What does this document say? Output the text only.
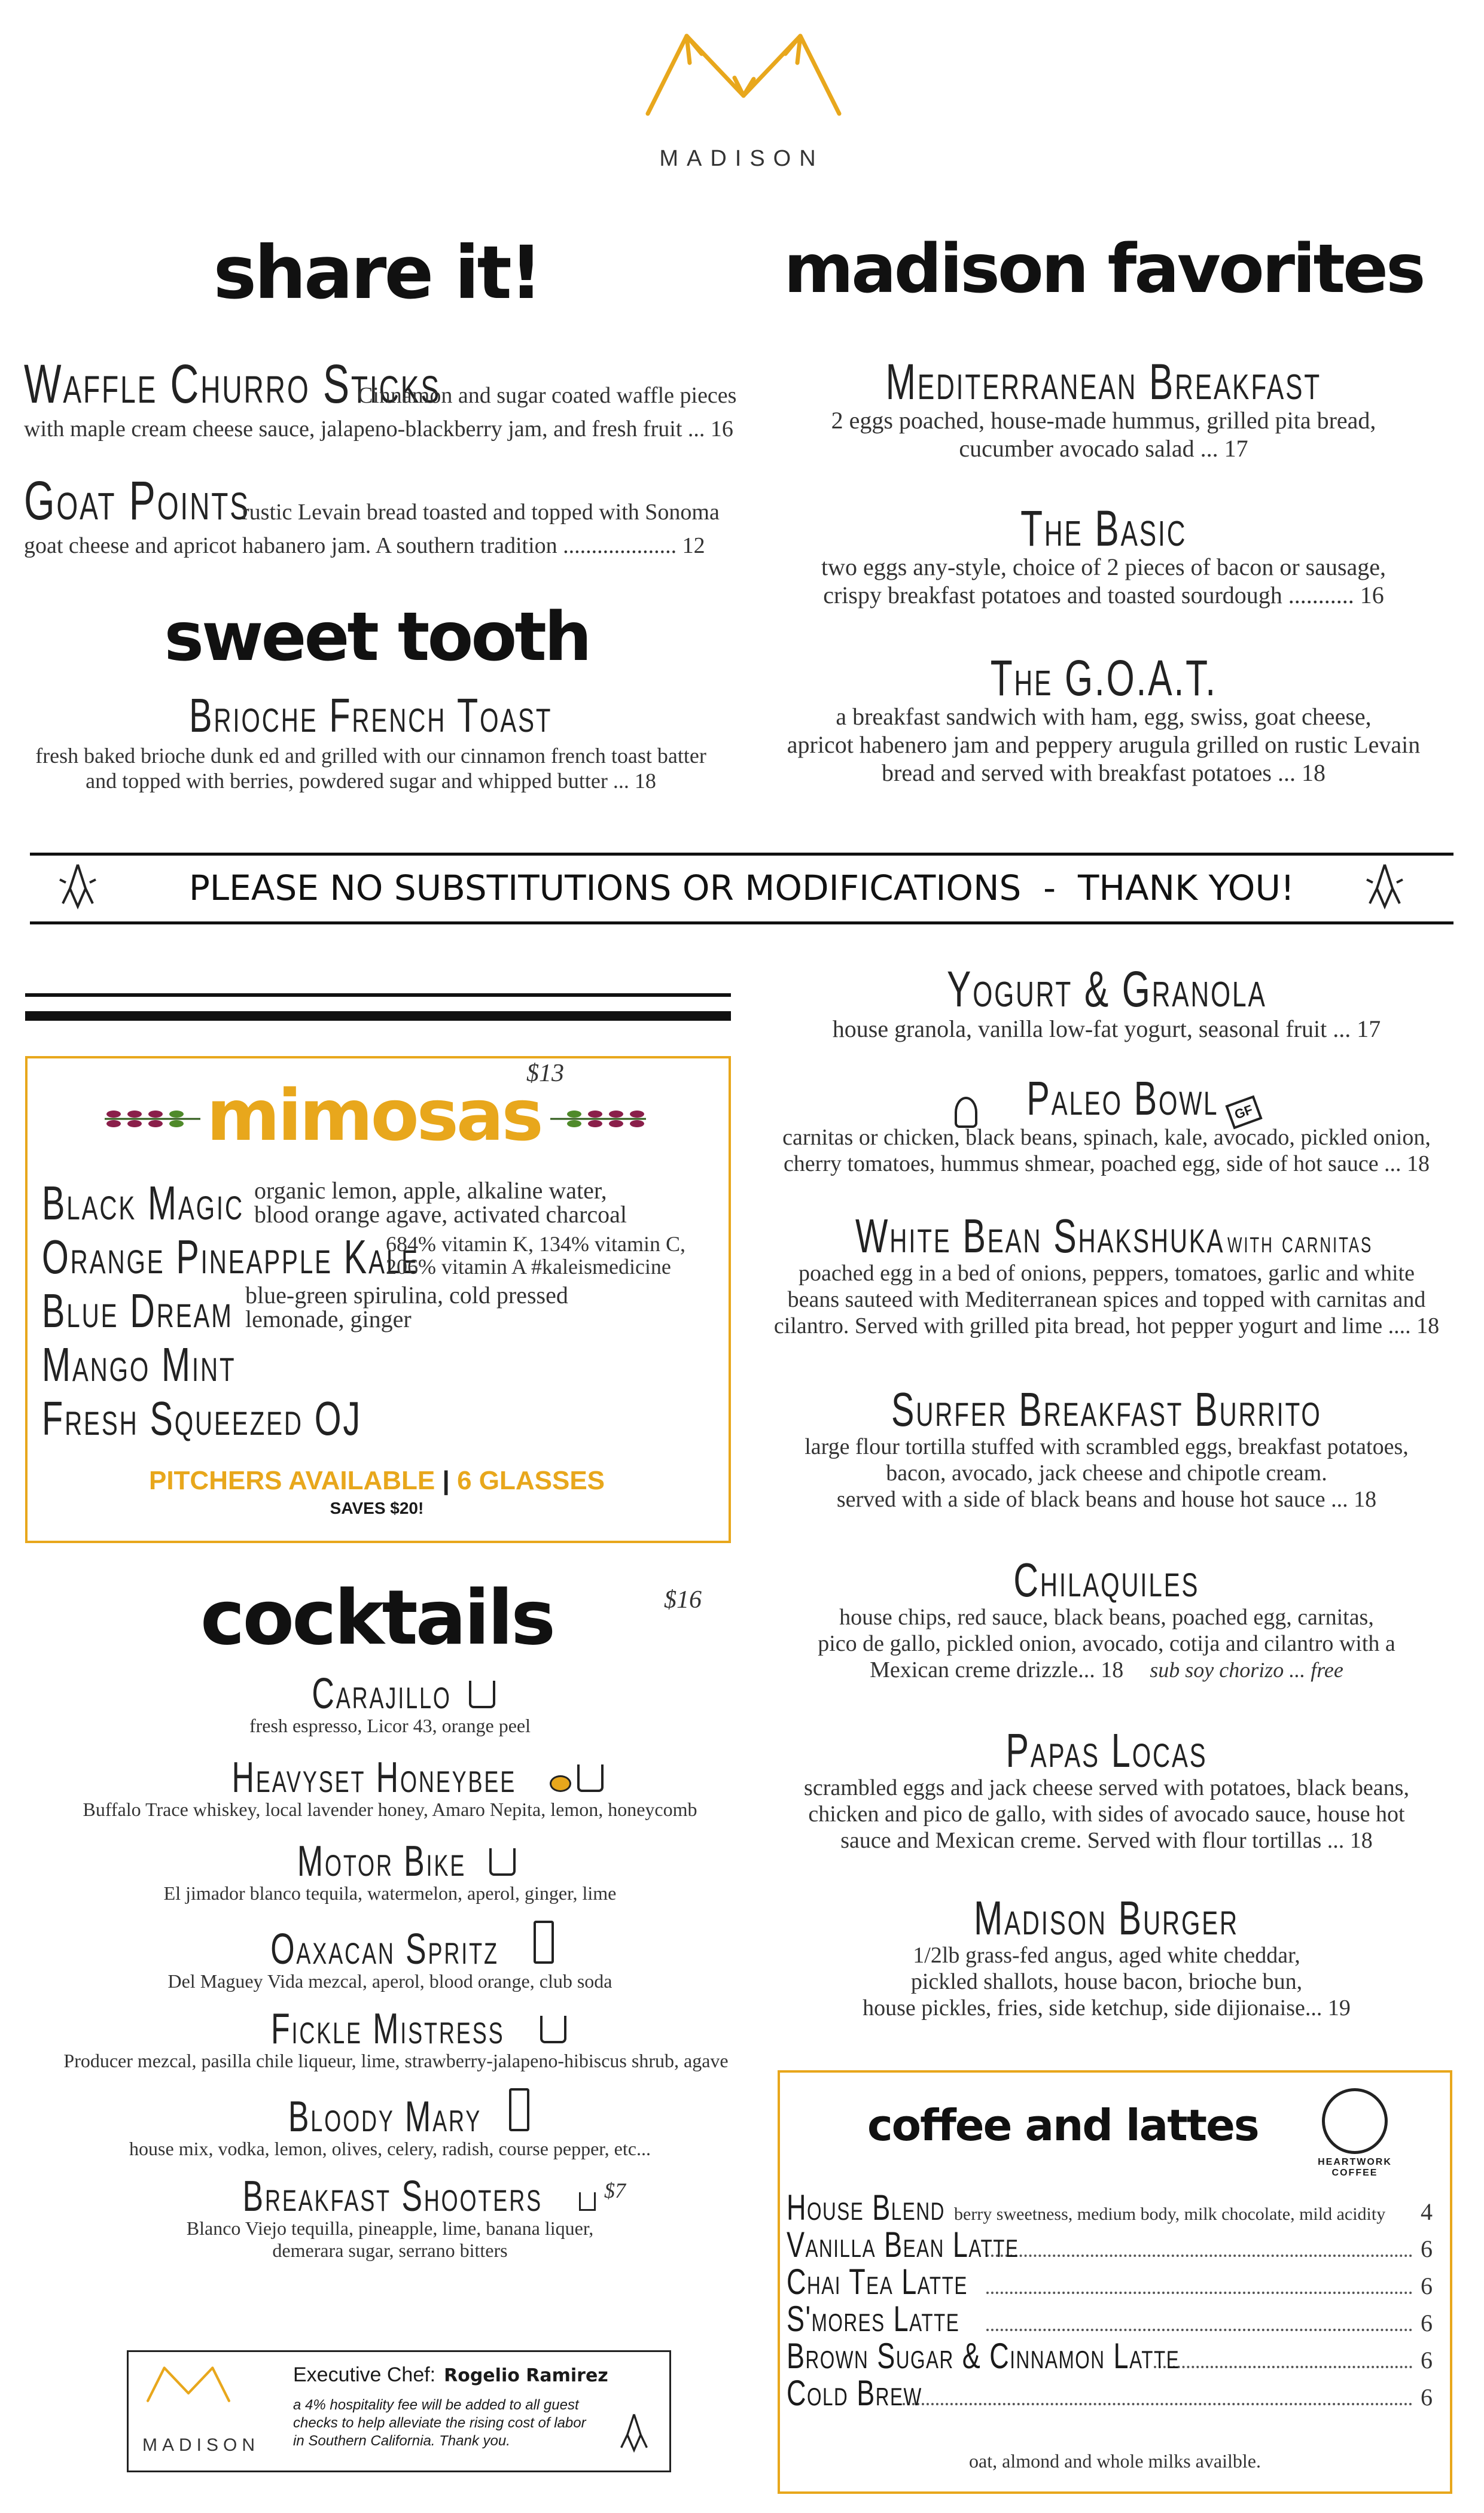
MADISON
share it!
Waffle Churro Sticks Cinnamon and sugar coated waffle pieces
with maple cream cheese sauce, jalapeno-blackberry jam, and fresh fruit ... 16
Goat Points rustic Levain bread toasted and topped with Sonoma
goat cheese and apricot habanero jam. A southern tradition .................... 12
sweet tooth
Brioche French Toast
fresh baked brioche dunk ed and grilled with our cinnamon french toast batter
and topped with berries, powdered sugar and whipped butter ... 18
madison favorites
Mediterranean Breakfast
2 eggs poached, house-made hummus, grilled pita bread,
cucumber avocado salad ... 17
The Basic
two eggs any-style, choice of 2 pieces of bacon or sausage,
crispy breakfast potatoes and toasted sourdough ........... 16
The G.O.A.T.
a breakfast sandwich with ham, egg, swiss, goat cheese,
apricot habenero jam and peppery arugula grilled on rustic Levain
bread and served with breakfast potatoes ... 18
PLEASE NO SUBSTITUTIONS OR MODIFICATIONS  -  THANK YOU!
$13
mimosas
Black Magic organic lemon, apple, alkaline water,
blood orange agave, activated charcoal
Orange Pineapple Kale
684% vitamin K, 134% vitamin C,
206% vitamin A #kaleismedicine
Blue Dream blue-green spirulina, cold pressed
lemonade, ginger
Mango Mint
Fresh Squeezed OJ
PITCHERS AVAILABLE | 6 GLASSES
SAVES $20!
cocktails	$16
Carajillo
fresh espresso, Licor 43, orange peel
Heavyset Honeybee
Buffalo Trace whiskey, local lavender honey, Amaro Nepita, lemon, honeycomb
Motor Bike
El jimador blanco tequila, watermelon, aperol, ginger, lime
Oaxacan Spritz
Del Maguey Vida mezcal, aperol, blood orange, club soda
Fickle Mistress
Producer mezcal, pasilla chile liqueur, lime, strawberry-jalapeno-hibiscus shrub, agave
Bloody Mary
house mix, vodka, lemon, olives, celery, radish, course pepper, etc...
Breakfast Shooters
Blanco Viejo tequilla, pineapple, lime, banana liquer,
demerara sugar, serrano bitters
$7
MADISON
Executive Chef: Rogelio Ramirez
a 4% hospitality fee will be added to all guest
checks to help alleviate the rising cost of labor
in Southern California. Thank you.
Yogurt & Granola
house granola, vanilla low-fat yogurt, seasonal fruit ... 17
Paleo Bowl GF
carnitas or chicken, black beans, spinach, kale, avocado, pickled onion,
cherry tomatoes, hummus shmear, poached egg, side of hot sauce ... 18
White Bean Shakshuka with carnitas
poached egg in a bed of onions, peppers, tomatoes, garlic and white
beans sauteed with Mediterranean spices and topped with carnitas and
cilantro. Served with grilled pita bread, hot pepper yogurt and lime .... 18
Surfer Breakfast Burrito
large flour tortilla stuffed with scrambled eggs, breakfast potatoes,
bacon, avocado, jack cheese and chipotle cream.
served with a side of black beans and house hot sauce ... 18
Chilaquiles
house chips, red sauce, black beans, poached egg, carnitas,
pico de gallo, pickled onion, avocado, cotija and cilantro with a
Mexican creme drizzle... 18 sub soy chorizo ... free
Papas Locas
scrambled eggs and jack cheese served with potatoes, black beans,
chicken and pico de gallo, with sides of avocado sauce, house hot
sauce and Mexican creme. Served with flour tortillas ... 18
Madison Burger
1/2lb grass-fed angus, aged white cheddar,
pickled shallots, house bacon, brioche bun,
house pickles, fries, side ketchup, side dijionaise... 19
coffee and lattes
HEARTWORK
COFFEE
House Blend berry sweetness, medium body, milk chocolate, mild acidity	4
Vanilla Bean Latte	6
Chai Tea Latte	6
S'mores Latte	6
Brown Sugar & Cinnamon Latte	6
Cold Brew	6
oat, almond and whole milks availble.
